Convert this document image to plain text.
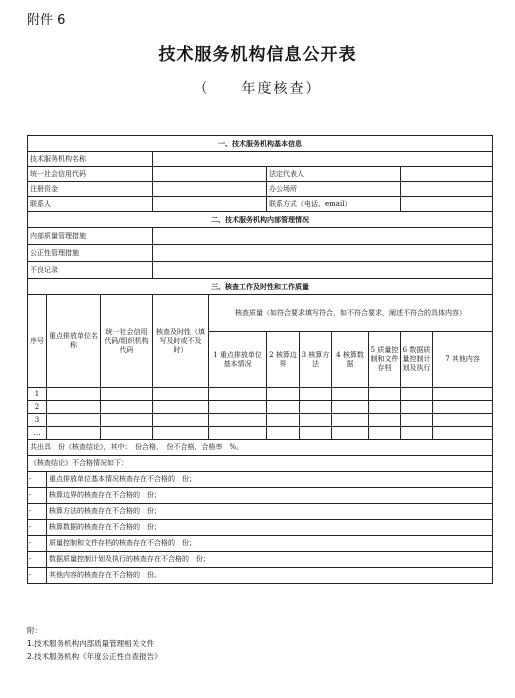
附件 6
技术服务机构信息公开表
（　　年度核查）
一、技术服务机构基本信息										
技术服务机构名称										
统一社会信用代码					法定代表人					
注册资金					办公场所					
联系人					联系方式（电话、email）					
二、技术服务机构内部管理情况										
内部质量管理措施										
公正性管理措施										
不良记录										
三、核查工作及时性和工作质量										
序号	重点排放单位名称	统一社会信用代码/组织机构代码	核查及时性（填写及时或不及时）	核查质量（如符合要求填写符合，如不符合要求，阐述不符合的具体内容）						
				1 重点排放单位基本情况	2 核算边界	3 核算方法	4 核算数据	5 质量控制和文件存档	6 数据质量控制计划及执行	7 其他内容
1										
2										
3										
…										
共出具　份《核查结论》，其中：　份合格，　份不合格，合格率　%。										
《核查结论》不合格情况如下：										
-	重点排放单位基本情况核查存在不合格的　份；									
-	核算边界的核查存在不合格的　份；									
-	核算方法的核查存在不合格的　份；									
-	核算数据的核查存在不合格的　份；									
-	质量控制和文件存档的核查存在不合格的　份；									
-	数据质量控制计划及执行的核查存在不合格的　份；									
-	其他内容的核查存在不合格的　份。									
附：
1.技术服务机构内部质量管理相关文件
2.技术服务机构《年度公正性自查报告》
